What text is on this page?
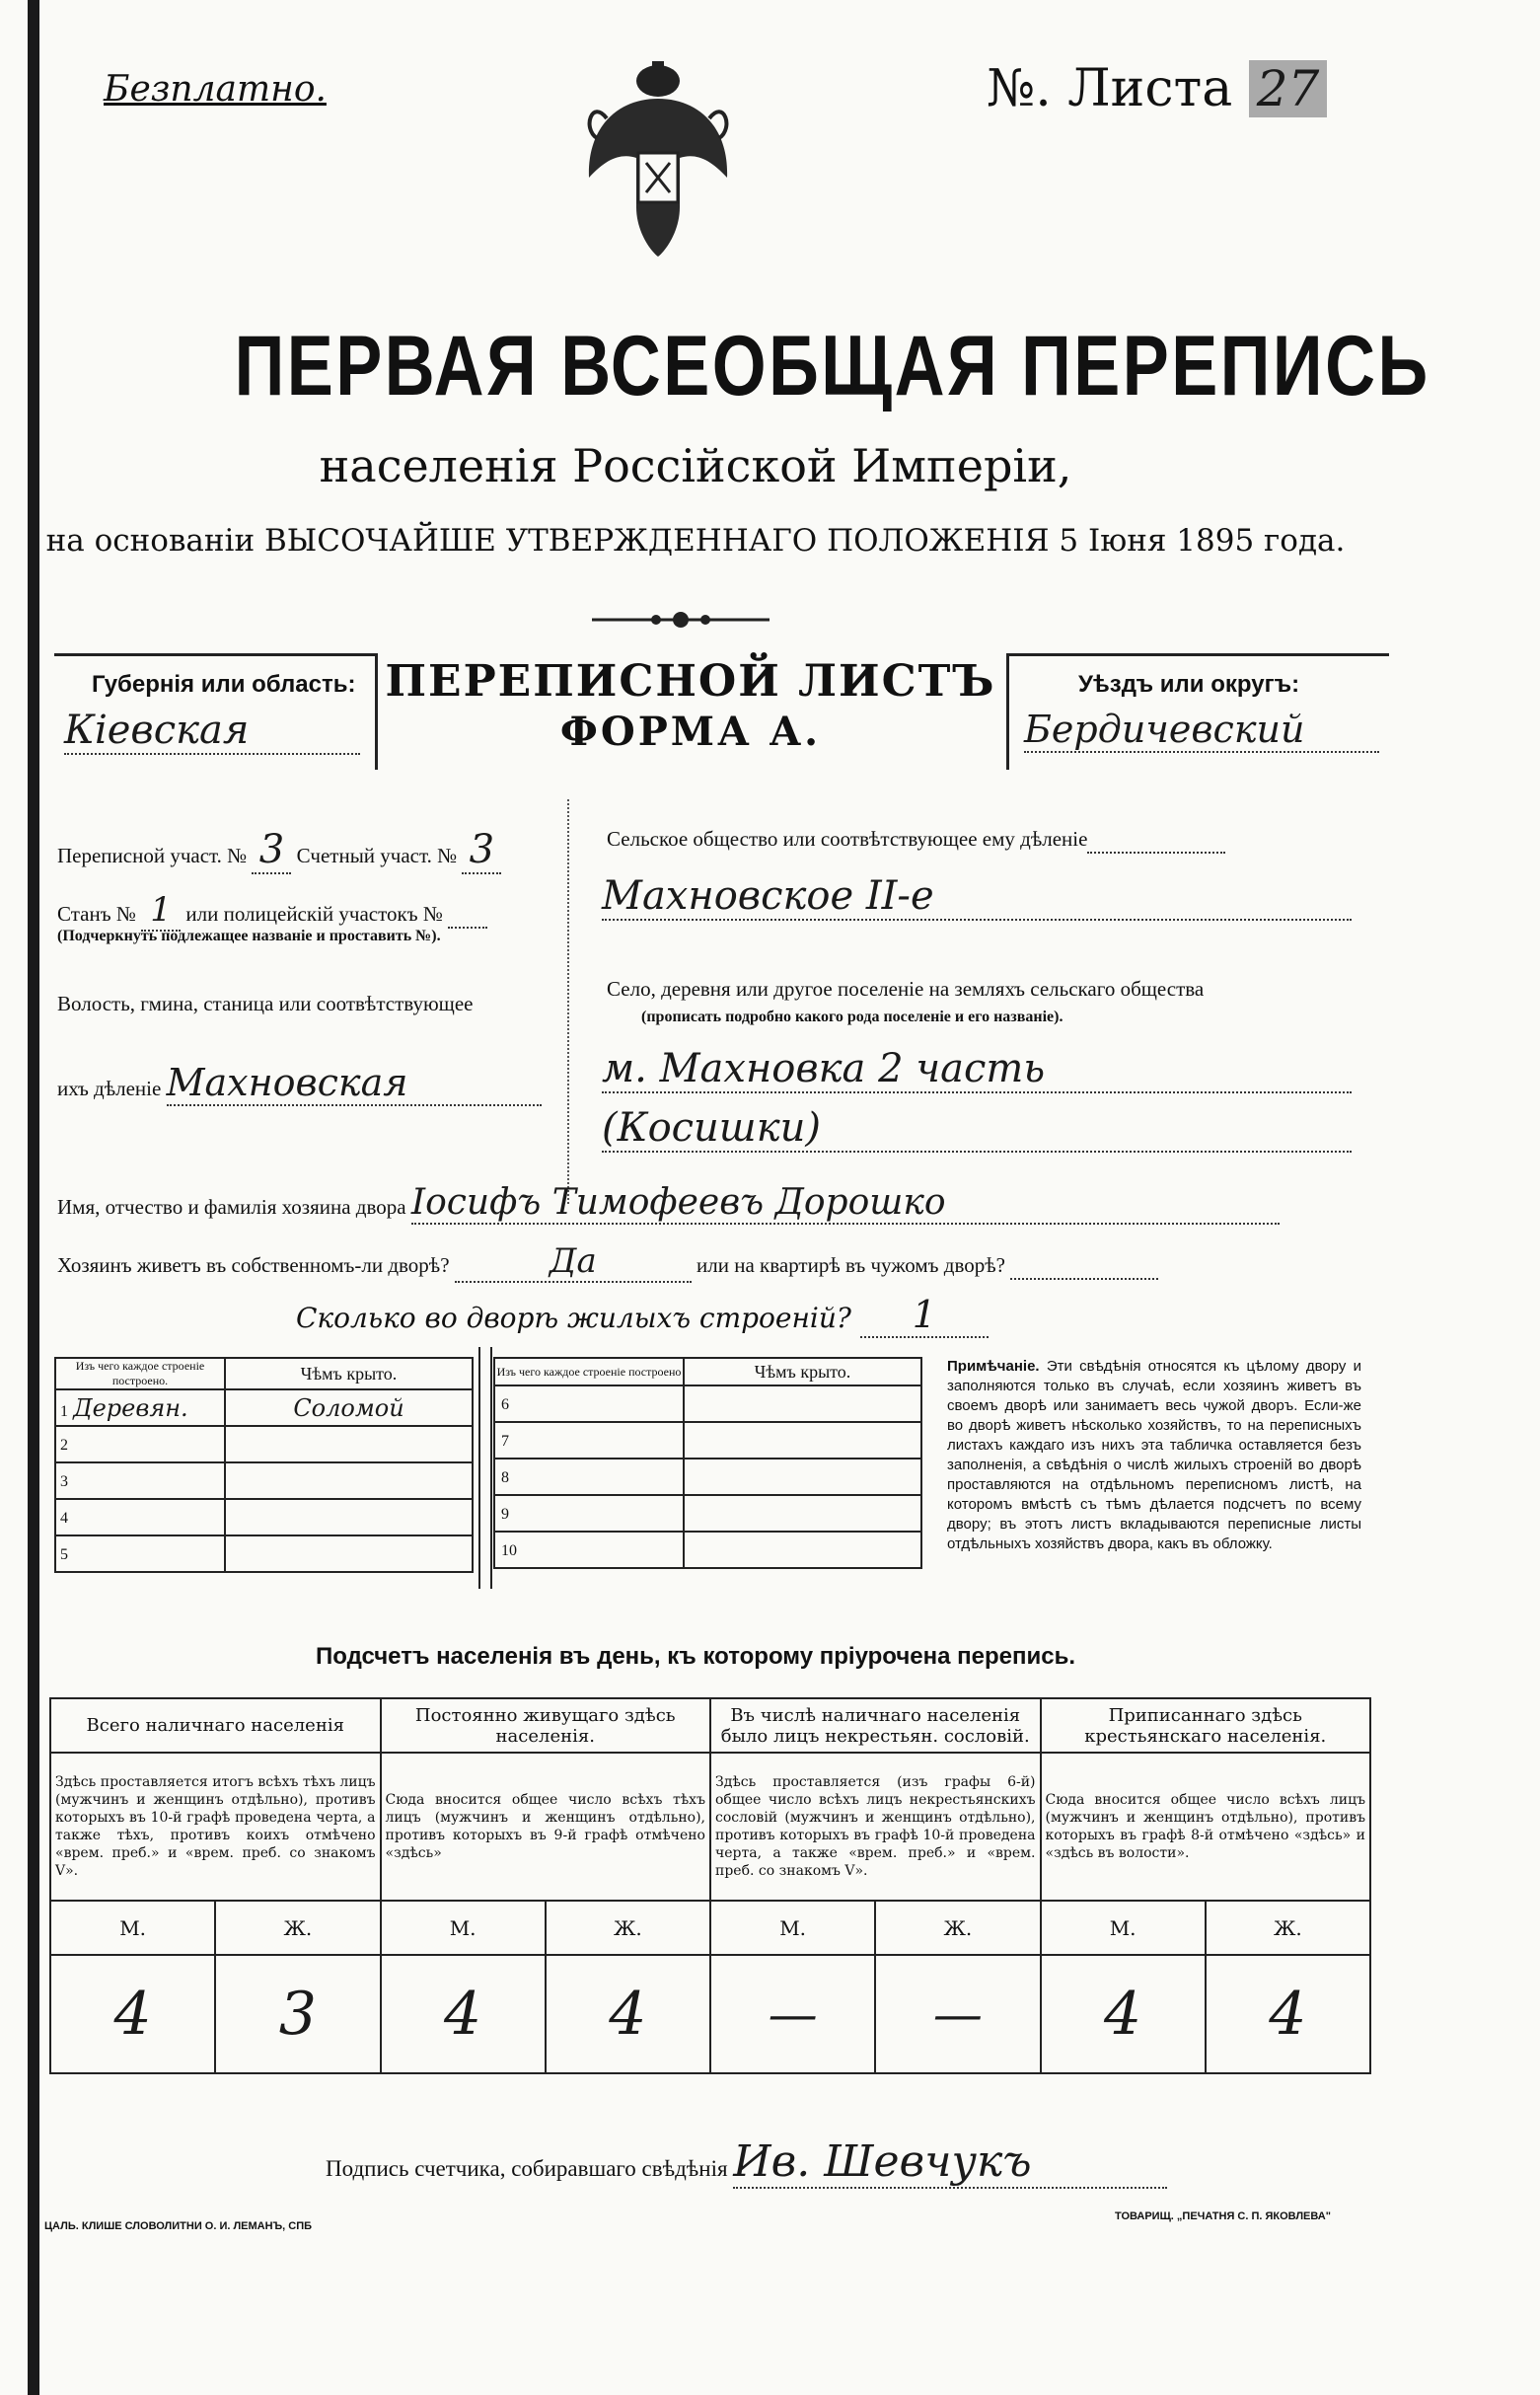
Безплатно.	№. Листа 27
ПЕРВАЯ ВСЕОБЩАЯ ПЕРЕПИСЬ
населенія Россійской Имперіи,
на основаніи ВЫСОЧАЙШЕ УТВЕРЖДЕННАГО ПОЛОЖЕНІЯ 5 Іюня 1895 года.
Губернія или область:
Кіевская
ПЕРЕПИСНОЙ ЛИСТЪ
ФОРМА А.
Уѣздъ или округъ:
Бердичевский
Переписной участ. № 3 Счетный участ. № 3
Станъ № 1 или полицейскій участокъ №
(Подчеркнуть подлежащее названіе и проставить №).
Волость, гмина, станица или соотвѣтствующее
ихъ дѣленіе Махновская
Сельское общество или соотвѣтствующее ему дѣленіе
Махновское II-е
Село, деревня или другое поселеніе на земляхъ сельскаго общества
(прописать подробно какого рода поселеніе и его названіе).
м. Махновка 2 часть
(Косишки)
Имя, отчество и фамилія хозяина двора Іосифъ Тимофеевъ Дорошко
Хозяинъ живетъ въ собственномъ-ли дворѣ?	Да	или на квартирѣ въ чужомъ дворѣ?
Сколько во дворѣ жилыхъ строеній? 1
Изъ чего каждое строеніе построено.	Чѣмъ крыто.
1 Деревян.	Соломой
2	
3	
4	
5	
Изъ чего каждое строеніе построено	Чѣмъ крыто.
6	
7	
8	
9	
10	
Примѣчаніе. Эти свѣдѣнія относятся къ цѣлому двору и заполняются только въ случаѣ, если хозяинъ живетъ въ своемъ дворѣ или занимаетъ весь чужой дворъ. Если-же во дворѣ живетъ нѣсколько хозяйствъ, то на переписныхъ листахъ каждаго изъ нихъ эта табличка оставляется безъ заполненія, а свѣдѣнія о числѣ жилыхъ строеній во дворѣ проставляются на отдѣльномъ переписномъ листѣ, на которомъ вмѣстѣ съ тѣмъ дѣлается подсчетъ по всему двору; въ этотъ листъ вкладываются переписные листы отдѣльныхъ хозяйствъ двора, какъ въ обложку.
Подсчетъ населенія въ день, къ которому пріурочена перепись.
Всего наличнаго населенія		Постоянно живущаго здѣсь населенія.		Въ числѣ наличнаго населенія было лицъ некрестьян. сословій.		Приписаннаго здѣсь крестьянскаго населенія.	
Здѣсь проставляется итогъ всѣхъ тѣхъ лицъ (мужчинъ и женщинъ отдѣльно), противъ которыхъ въ 10-й графѣ проведена черта, а также тѣхъ, противъ коихъ отмѣчено «врем. преб.» и «врем. преб. со знакомъ V».		Сюда вносится общее число всѣхъ тѣхъ лицъ (мужчинъ и женщинъ отдѣльно), противъ которыхъ въ 9-й графѣ отмѣчено «здѣсь»		Здѣсь проставляется (изъ графы 6-й) общее число всѣхъ лицъ некрестьянскихъ сословій (мужчинъ и женщинъ отдѣльно), противъ которыхъ въ графѣ 10-й проведена черта, а также «врем. преб.» и «врем. преб. со знакомъ V».		Сюда вносится общее число всѣхъ лицъ (мужчинъ и женщинъ отдѣльно), противъ которыхъ въ графѣ 8-й отмѣчено «здѣсь» и «здѣсь въ волости».	
М.	Ж.	М.	Ж.	М.	Ж.	М.	Ж.
4	3	4	4	—	—	4	4
Подпись счетчика, собиравшаго свѣдѣнія Ив. Шевчукъ
ЦАЛЬ. КЛИШЕ СЛОВОЛИТНИ О. И. ЛЕМАНЪ, СПБ
ТОВАРИЩ. „ПЕЧАТНЯ С. П. ЯКОВЛЕВА"
